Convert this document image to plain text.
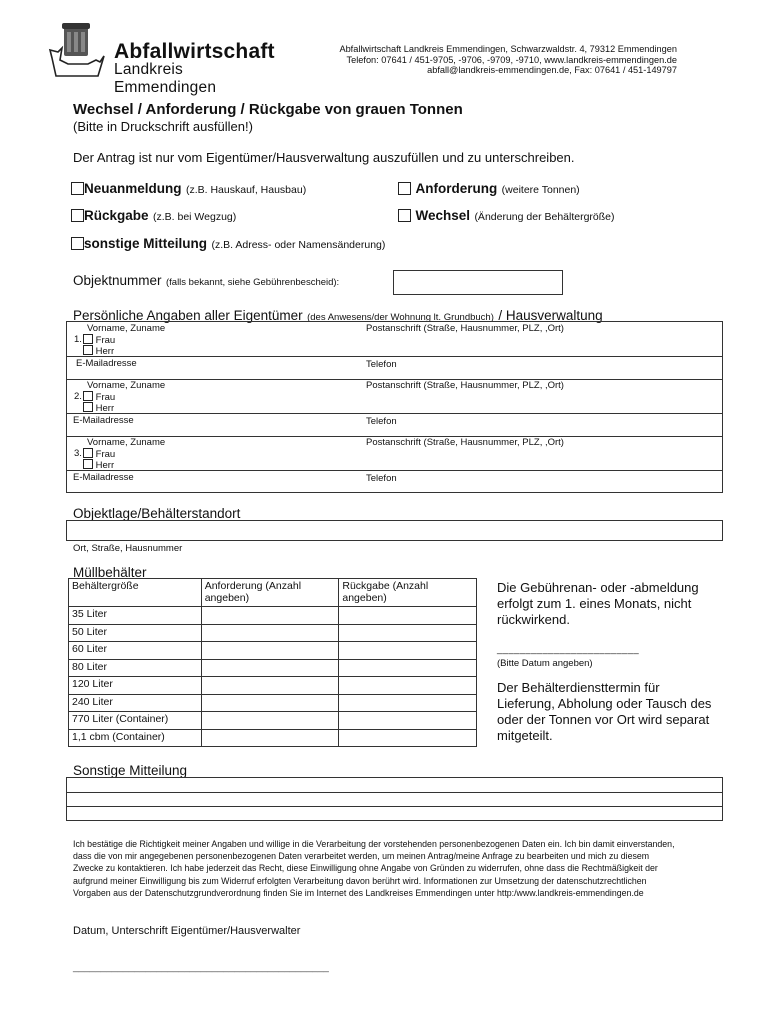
Abfallwirtschaft
Landkreis Emmendingen
Abfallwirtschaft Landkreis Emmendingen, Schwarzwaldstr. 4, 79312 Emmendingen
Telefon: 07641 / 451-9705, -9706, -9709, -9710, www.landkreis-emmendingen.de
abfall@landkreis-emmendingen.de, Fax: 07641 / 451-149797
Wechsel / Anforderung / Rückgabe von grauen Tonnen
(Bitte in Druckschrift ausfüllen!)
Der Antrag ist nur vom Eigentümer/Hausverwaltung auszufüllen und zu unterschreiben.
Neuanmeldung (z.B. Hauskauf, Hausbau)	Anforderung (weitere Tonnen)
Rückgabe (z.B. bei Wegzug)	Wechsel (Änderung der Behältergröße)
sonstige Mitteilung (z.B. Adress- oder Namensänderung)
Objektnummer (falls bekannt, siehe Gebührenbescheid):
Persönliche Angaben aller Eigentümer (des Anwesens/der Wohnung lt. Grundbuch) / Hausverwaltung
Vorname, Zuname	Postanschrift (Straße, Hausnummer, PLZ, ,Ort)
1.	Frau
Herr
E-Mailadresse	Telefon
Vorname, Zuname	Postanschrift (Straße, Hausnummer, PLZ, ,Ort)
2.	Frau
Herr
E-Mailadresse	Telefon
Vorname, Zuname	Postanschrift (Straße, Hausnummer, PLZ, ,Ort)
3.	Frau
Herr
E-Mailadresse	Telefon
Objektlage/Behälterstandort
Ort, Straße, Hausnummer
Müllbehälter
Behältergröße	Anforderung (Anzahl angeben)	Rückgabe (Anzahl angeben)
35 Liter		
50 Liter		
60 Liter		
80 Liter		
120 Liter		
240 Liter		
770 Liter (Container)		
1,1 cbm (Container)		
Die Gebührenan- oder -abmeldung erfolgt zum 1. eines Monats, nicht rückwirkend.
_________________________
(Bitte Datum angeben)
Der Behälterdiensttermin für Lieferung, Abholung oder Tausch des oder der Tonnen vor Ort wird separat mitgeteilt.
Sonstige Mitteilung
Ich bestätige die Richtigkeit meiner Angaben und willige in die Verarbeitung der vorstehenden personenbezogenen Daten ein. Ich bin damit einverstanden, dass die von mir angegebenen personenbezogenen Daten verarbeitet werden, um meinen Antrag/meine Anfrage zu bearbeiten und mich zu diesem Zwecke zu kontaktieren. Ich habe jederzeit das Recht, diese Einwilligung ohne Angabe von Gründen zu widerrufen, ohne dass die Rechtmäßigkeit der aufgrund meiner Einwilligung bis zum Widerruf erfolgten Verarbeitung davon berührt wird. Informationen zur Umsetzung der datenschutzrechtlichen Vorgaben aus der Datenschutzgrundverordnung finden Sie im Internet des Landkreises Emmendingen unter http:/www.landkreis-emmendingen.de
Datum, Unterschrift Eigentümer/Hausverwalter
______________________________________________
